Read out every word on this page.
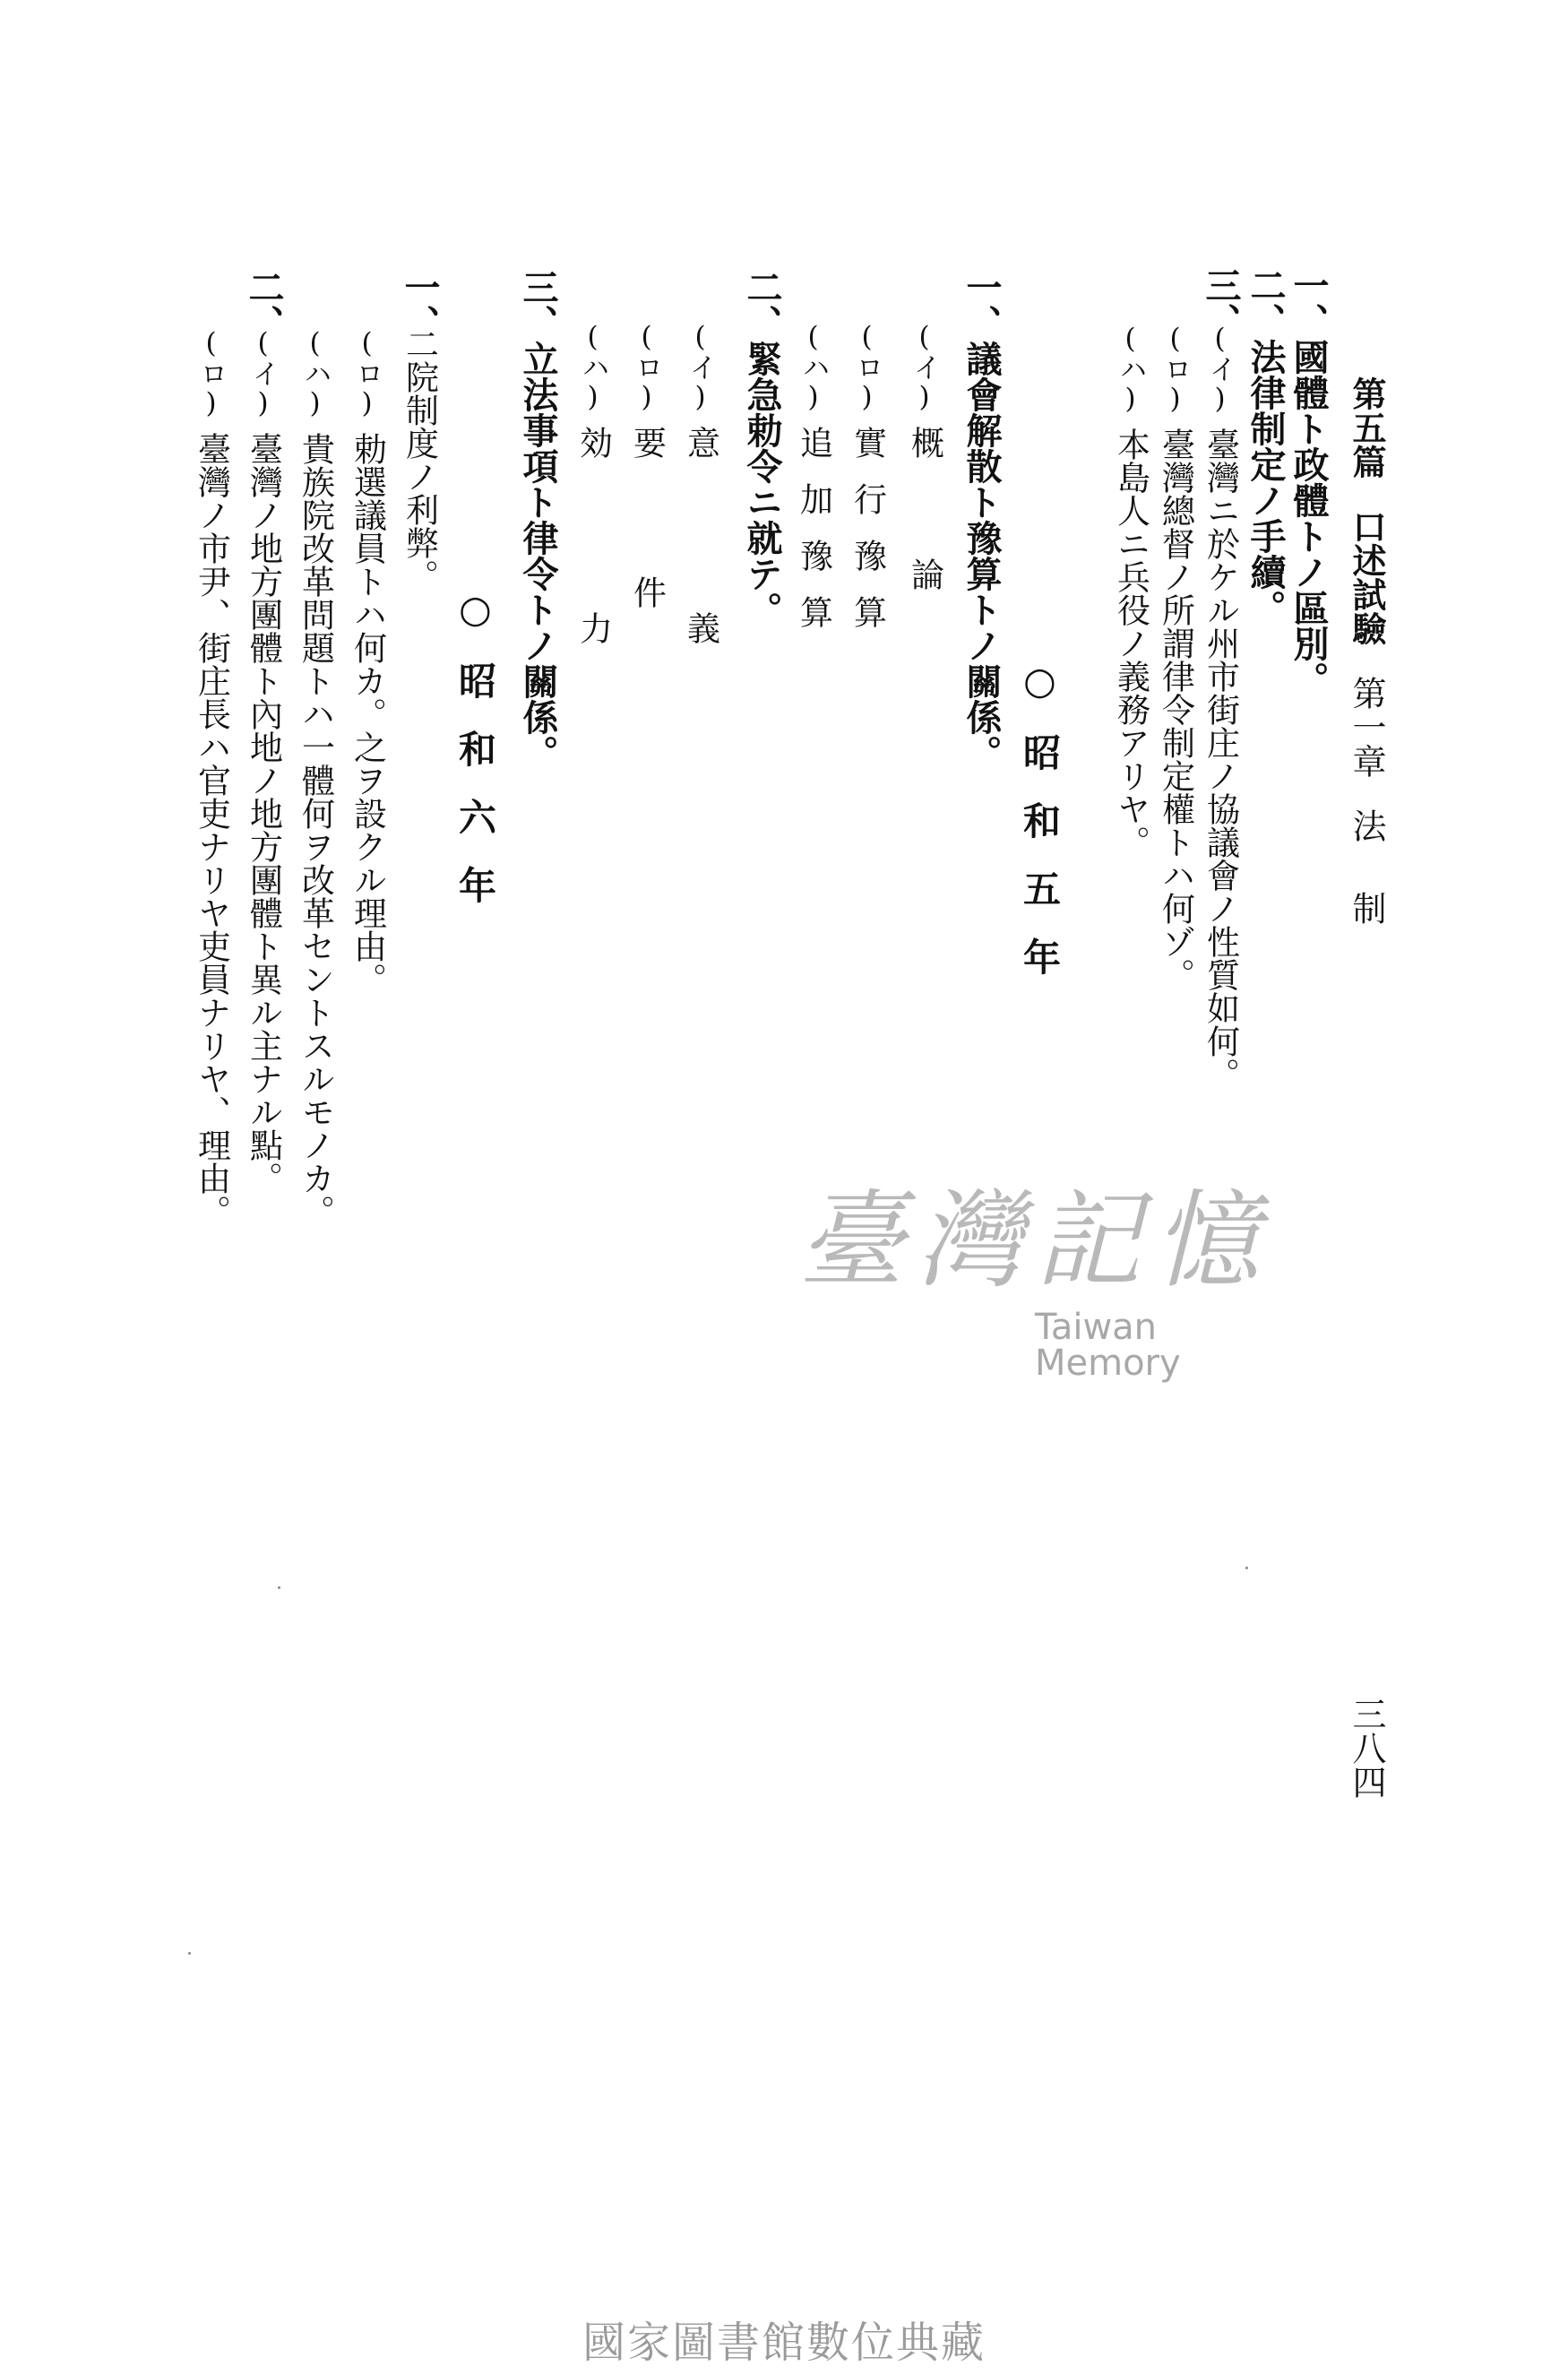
第五篇口述試驗第一章法制
一、國體ト政體トノ區別。
二、法律制定ノ手續。
三、
(イ)臺灣ニ於ケル州市街庄ノ協議會ノ性質如何。
(ロ)臺灣總督ノ所謂律令制定權トハ何ゾ。
(ハ)本島人ニ兵役ノ義務アリヤ。
○昭和五年
一、議會解散ト豫算トノ關係。
(イ)概論
(ロ)實行豫算
(ハ)追加豫算
二、緊急勅令ニ就テ。
(イ)意義
(ロ)要件
(ハ)効力
三、立法事項ト律令トノ關係。
○昭和六年
一、
二院制度ノ利弊。
(ロ)勅選議員トハ何カ。之ヲ設クル理由。
(ハ)貴族院改革問題トハ一體何ヲ改革セントスルモノカ。
二、
(イ)臺灣ノ地方團體ト內地ノ地方團體ト異ル主ナル點。
(ロ)臺灣ノ市尹、街庄長ハ官吏ナリヤ吏員ナリヤ、理由。
三八四
臺灣記憶
Taiwan Memory
國家圖書館數位典藏
